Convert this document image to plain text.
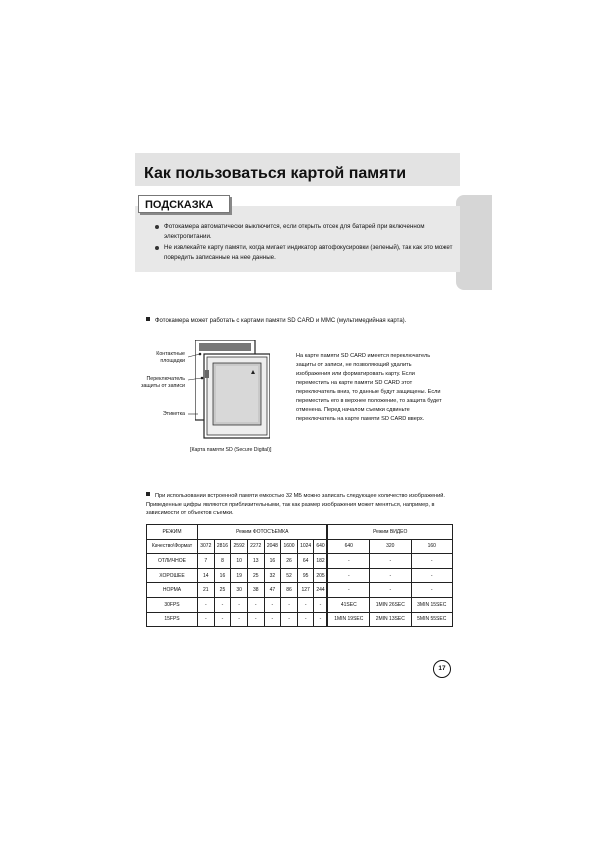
Как пользоваться картой памяти
ПОДСКАЗКА
Фотокамера автоматически выключится, если открыть отсек для батарей при включенном электропитании.
Не извлекайте карту памяти, когда мигает индикатор автофокусировки (зеленый), так как это может повредить записанные на нее данные.
Фотокамера может работать с картами памяти SD CARD и MMC (мультимедийная карта).
Контактные площадки
Переключатель защиты от записи
Этикетка
[Карта памяти SD (Secure Digital)]
На карте памяти SD CARD имеется переключатель защиты от записи, не позволяющий удалить изображения или форматировать карту. Если переместить на карте памяти SD CARD этот переключатель вниз, то данные будут защищены. Если переместить его в верхнее положение, то защита будет отменена. Перед началом съемки сдвиньте переключатель на карте памяти SD CARD вверх.
При использовании встроенной памяти емкостью 32 МБ можно записать следующее количество изображений. Приведенные цифры являются приблизительными, так как размер изображения может меняться, например, в зависимости от объектов съемки.
РЕЖИМ	Режим ФОТОСЪЕМКА								Режим ВИДЕО		
Качество\Формат	3072	2816	2592	2272	2048	1600	1024	640	640	320	160
ОТЛИЧНОЕ	7	8	10	13	16	26	64	182	-	-	-
ХОРОШЕЕ	14	16	19	25	32	52	95	205	-	-	-
НОРМА	21	25	30	38	47	86	127	244	-	-	-
30FPS	-	-	-	-	-	-	-	-	41SEC	1MIN 26SEC	3MIN 15SEC
15FPS	-	-	-	-	-	-	-	-	1MIN 19SEC	2MIN 13SEC	5MIN 55SEC
17
